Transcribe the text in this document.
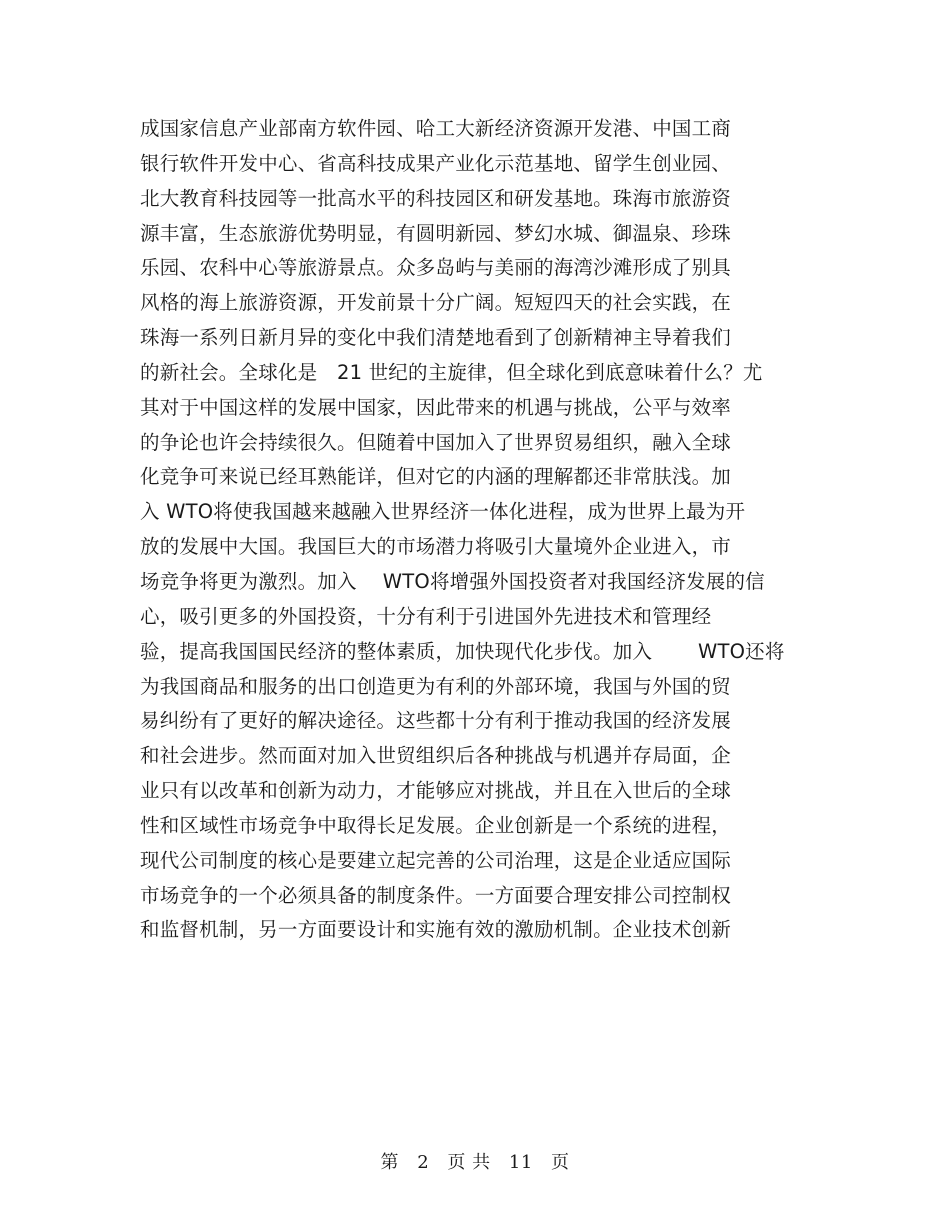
成国家信息产业部南方软件园、哈工大新经济资源开发港、中国工商
银行软件开发中心、省高科技成果产业化示范基地、留学生创业园、
北大教育科技园等一批高水平的科技园区和研发基地。珠海市旅游资
源丰富，生态旅游优势明显，有圆明新园、梦幻水城、御温泉、珍珠
乐园、农科中心等旅游景点。众多岛屿与美丽的海湾沙滩形成了别具
风格的海上旅游资源，开发前景十分广阔。短短四天的社会实践，在
珠海一系列日新月异的变化中我们清楚地看到了创新精神主导着我们
的新社会。全球化是　21 世纪的主旋律，但全球化到底意味着什么？尤
其对于中国这样的发展中国家，因此带来的机遇与挑战，公平与效率
的争论也许会持续很久。但随着中国加入了世界贸易组织，融入全球
化竞争可来说已经耳熟能详，但对它的内涵的理解都还非常肤浅。加
入 WTO将使我国越来越融入世界经济一体化进程，成为世界上最为开
放的发展中大国。我国巨大的市场潜力将吸引大量境外企业进入，市
场竞争将更为激烈。加入　 WTO将增强外国投资者对我国经济发展的信
心，吸引更多的外国投资，十分有利于引进国外先进技术和管理经
验，提高我国国民经济的整体素质，加快现代化步伐。加入　　 WTO还将
为我国商品和服务的出口创造更为有利的外部环境，我国与外国的贸
易纠纷有了更好的解决途径。这些都十分有利于推动我国的经济发展
和社会进步。然而面对加入世贸组织后各种挑战与机遇并存局面，企
业只有以改革和创新为动力，才能够应对挑战，并且在入世后的全球
性和区域性市场竞争中取得长足发展。企业创新是一个系统的进程，
现代公司制度的核心是要建立起完善的公司治理，这是企业适应国际
市场竞争的一个必须具备的制度条件。一方面要合理安排公司控制权
和监督机制，另一方面要设计和实施有效的激励机制。企业技术创新
第 2 页 共 11 页
